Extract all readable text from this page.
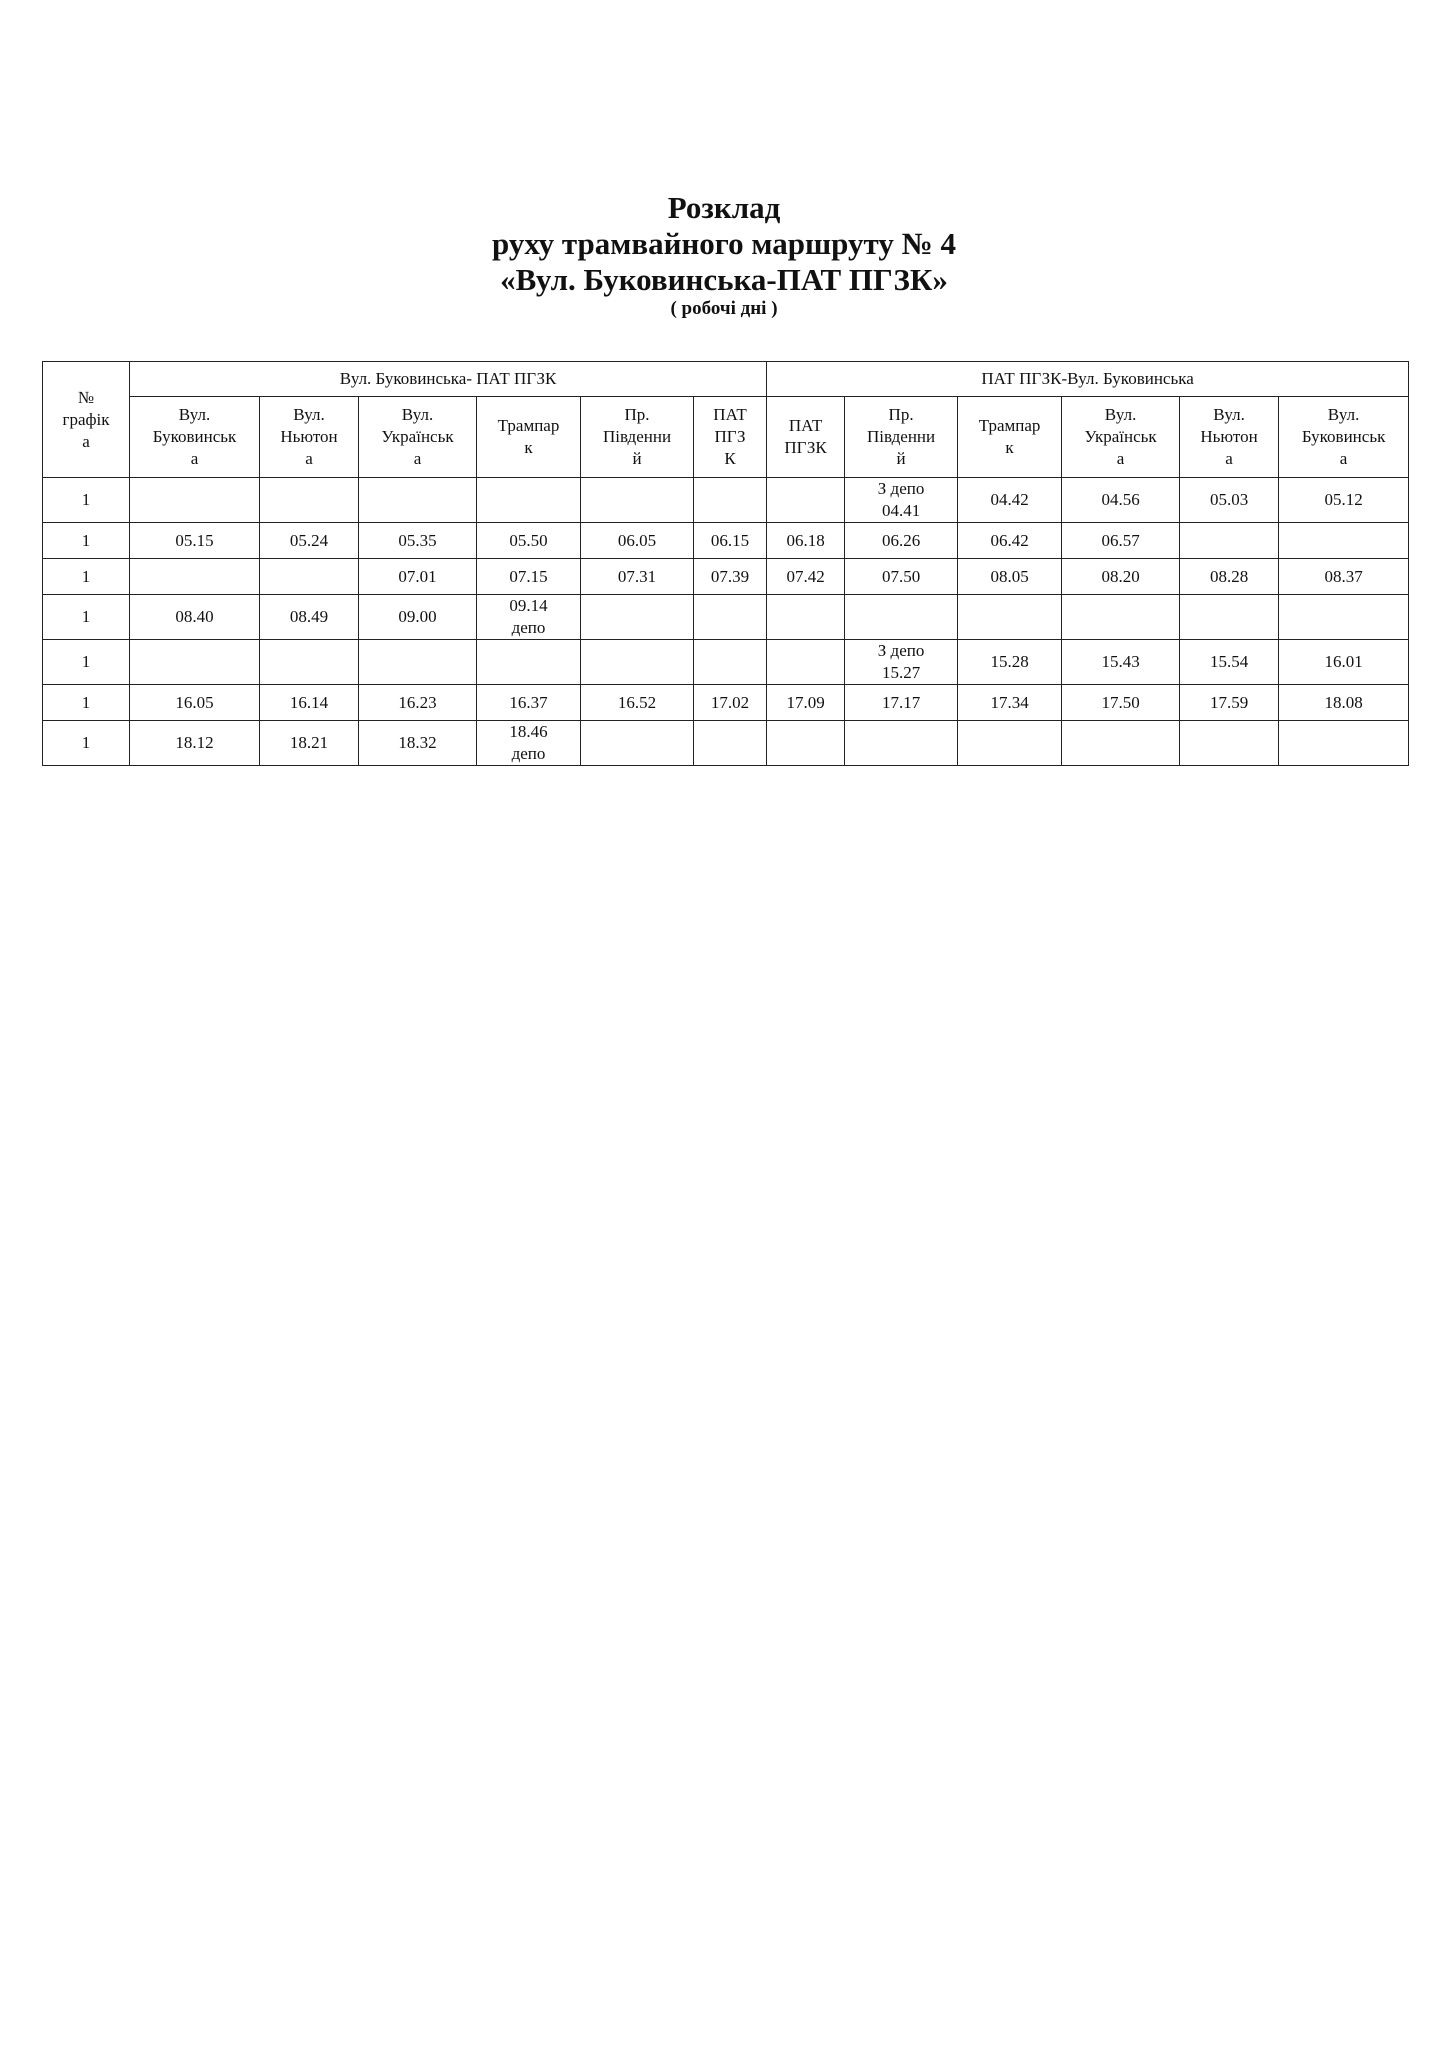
Розклад
руху трамвайного маршруту № 4
«Вул. Буковинська-ПАТ ПГЗК»
( робочі дні )
№
графік
а	Вул. Буковинська- ПАТ ПГЗК						ПАТ ПГЗК-Вул. Буковинська					
	Вул.
Буковинськ
а	Вул.
Ньютон
а	Вул.
Українськ
а	Трампар
к	Пр.
Південни
й	ПАТ
ПГЗ
К	ПАТ
ПГЗК	Пр.
Південни
й	Трампар
к	Вул.
Українськ
а	Вул.
Ньютон
а	Вул.
Буковинськ
а
1								З депо
04.41	04.42	04.56	05.03	05.12
1	05.15	05.24	05.35	05.50	06.05	06.15	06.18	06.26	06.42	06.57		
1			07.01	07.15	07.31	07.39	07.42	07.50	08.05	08.20	08.28	08.37
1	08.40	08.49	09.00	09.14
депо								
1								З депо
15.27	15.28	15.43	15.54	16.01
1	16.05	16.14	16.23	16.37	16.52	17.02	17.09	17.17	17.34	17.50	17.59	18.08
1	18.12	18.21	18.32	18.46
депо								
